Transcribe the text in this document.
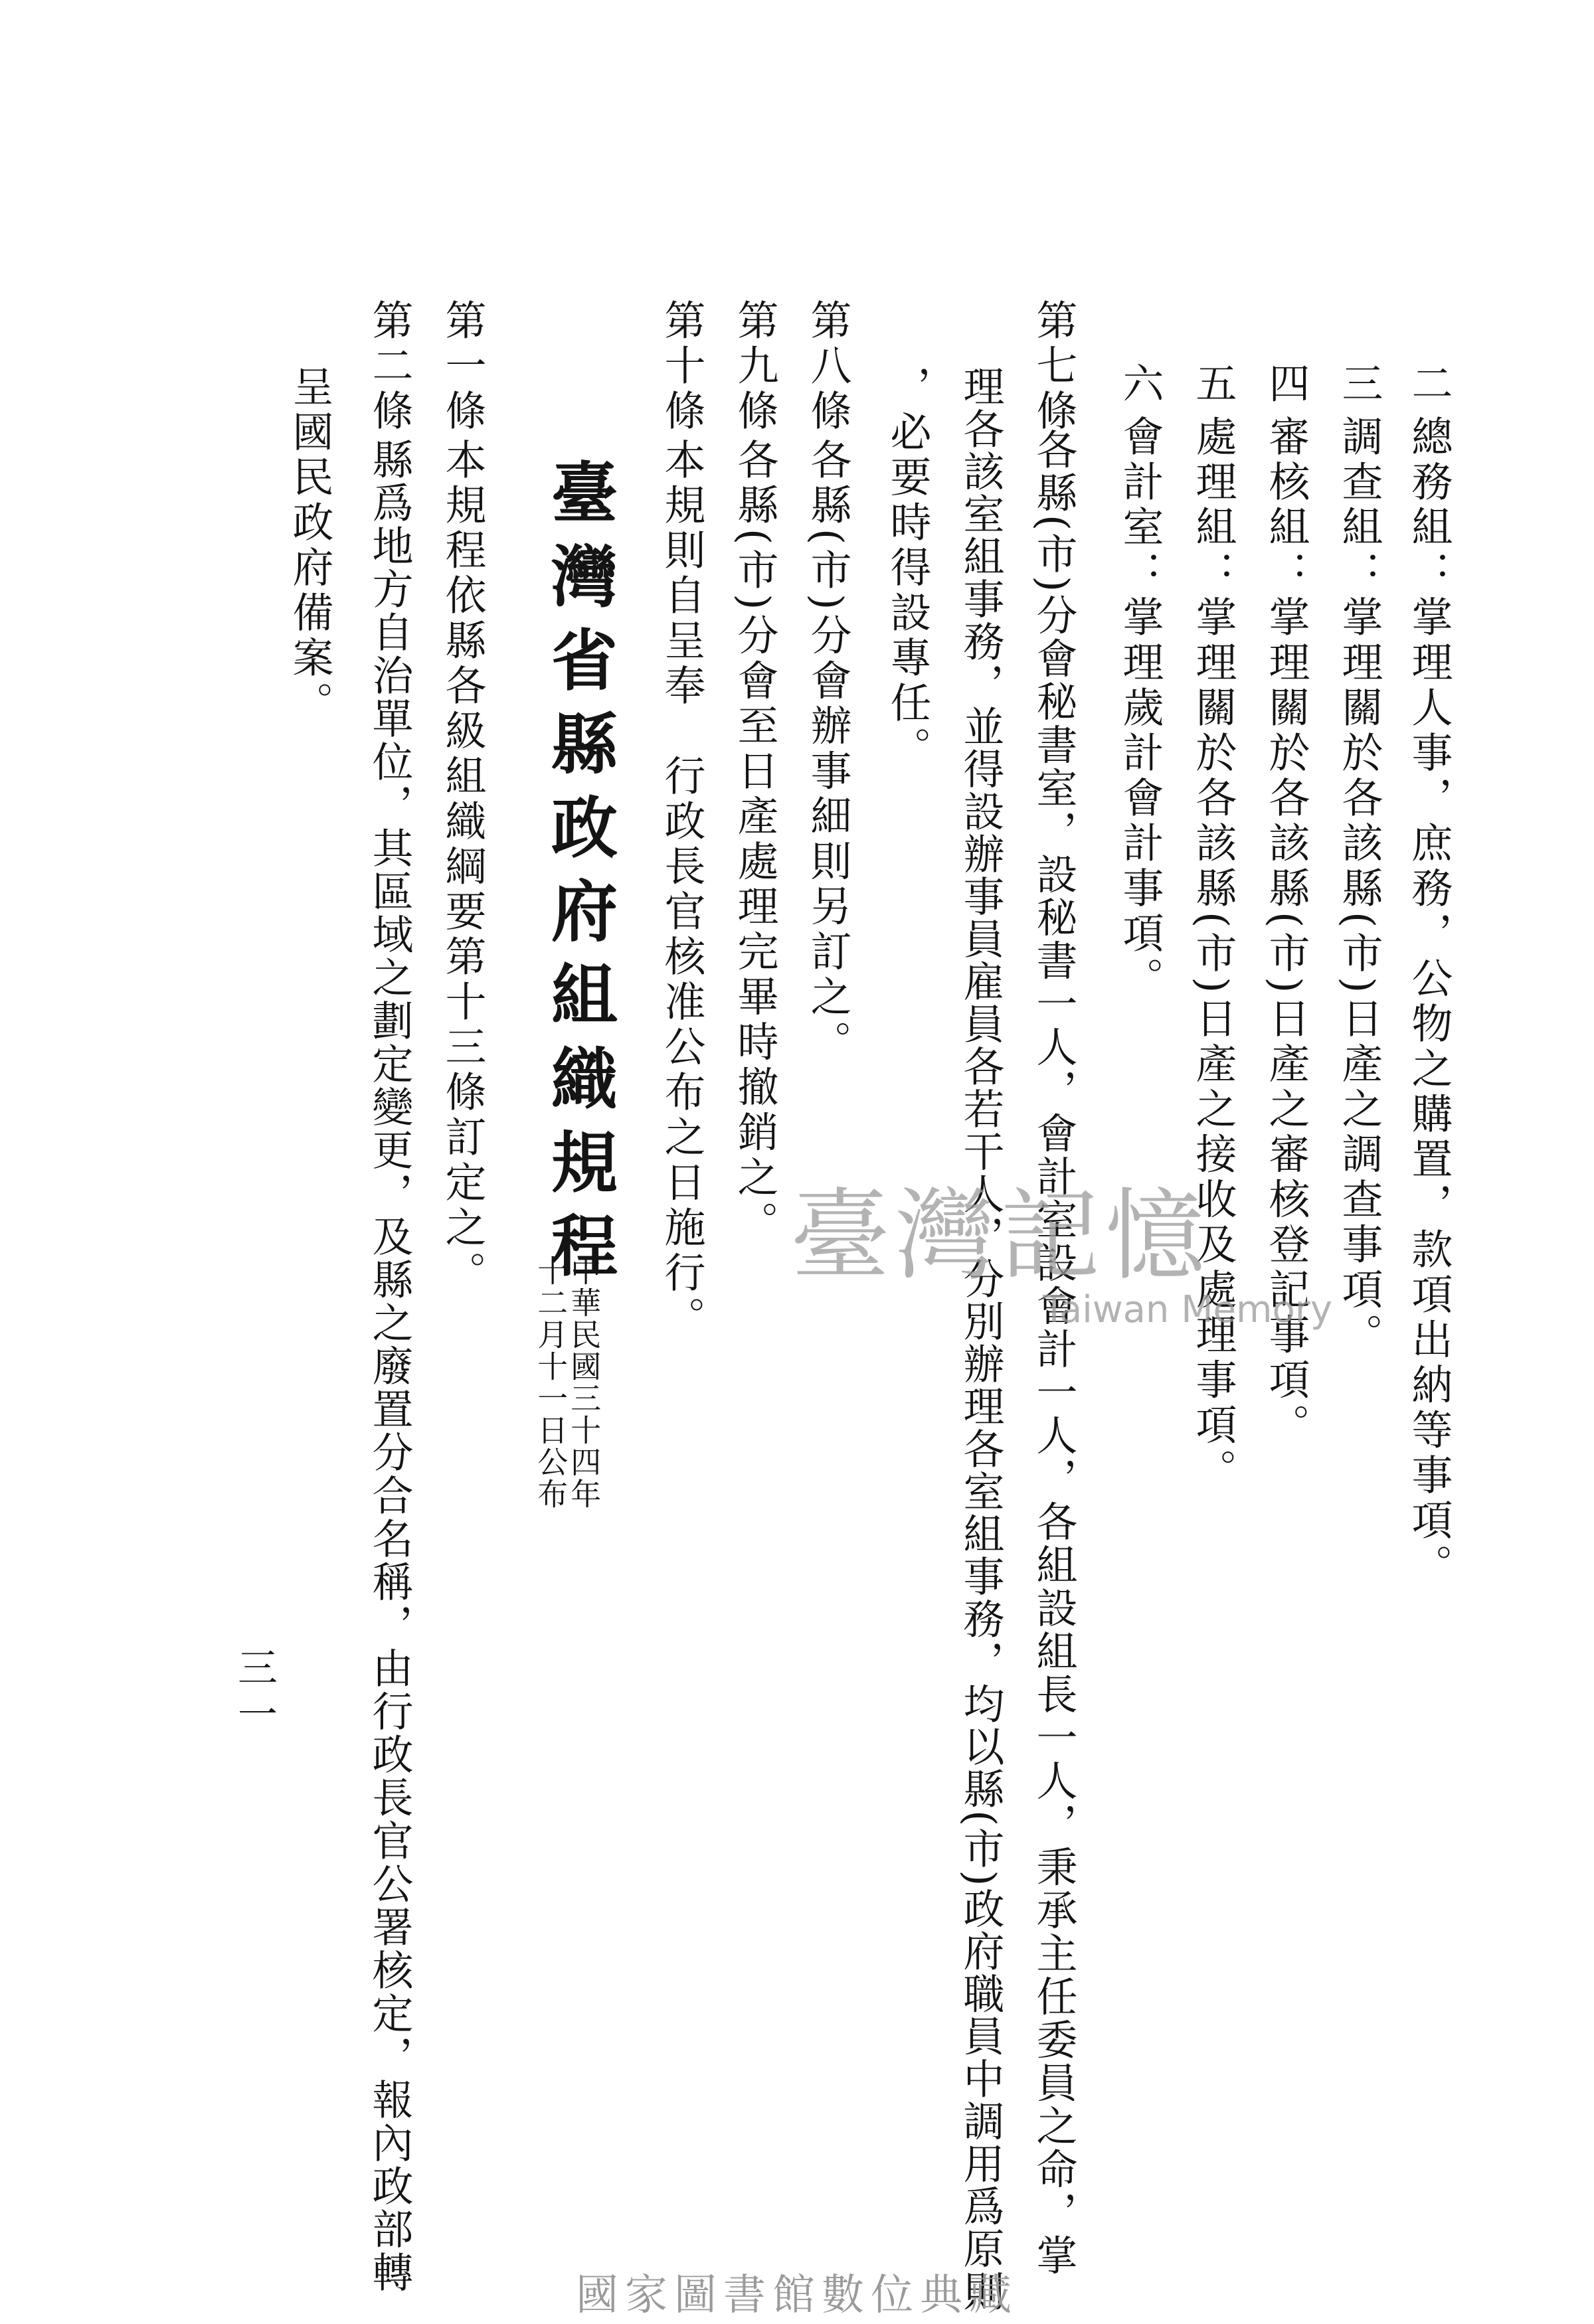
二
總務組：掌理人事，庶務，公物之購置，款項出納等事項。
三
調查組：掌理關於各該縣(市)日產之調查事項。
四
審核組：掌理關於各該縣(市)日產之審核登記事項。
五
處理組：掌理關於各該縣(市)日產之接收及處理事項。
六
會計室：掌理歲計會計事項。
第七條
各縣(市)分會秘書室，設秘書一人，會計室設會計一人，各組設組長一人，秉承主任委員之命，掌
理各該室組事務，並得設辦事員雇員各若干人，分別辦理各室組事務，均以縣(市)政府職員中調用爲原則
，必要時得設專任。
第八條
各縣(市)分會辦事細則另訂之。
第九條
各縣(市)分會至日產處理完畢時撤銷之。
第十條
本規則自呈奉　行政長官核准公布之日施行。
臺灣省縣政府組織規程
中華民國三十四年
十二月十一日公布
第一條
本規程依縣各級組織綱要第十三條訂定之。
第二條
縣爲地方自治單位，其區域之劃定變更，及縣之廢置分合名稱，由行政長官公署核定，報內政部轉
呈國民政府備案。
三一
臺灣記憶
Taiwan Memory
國家圖書館數位典藏
